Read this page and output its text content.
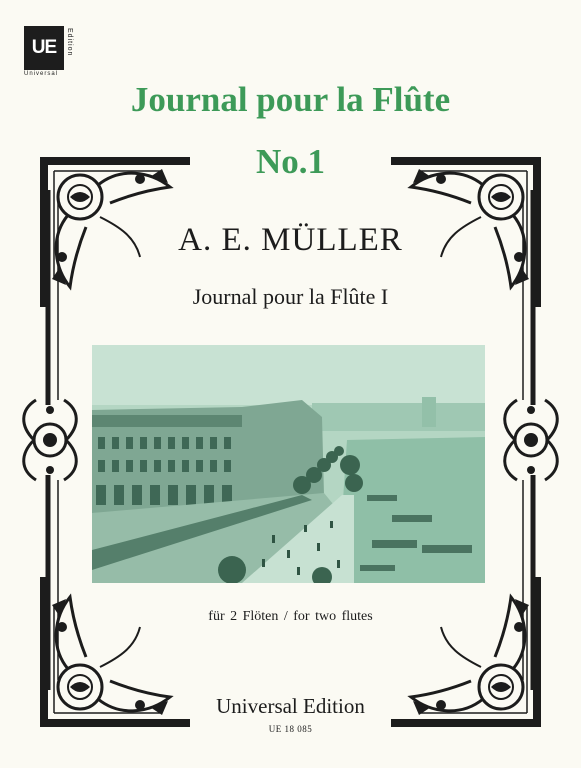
UE	Edition
Universal
Journal pour la Flûte
No.1
A. E. MÜLLER
Journal pour la Flûte I
für 2 Flöten / for two flutes
Universal Edition
UE 18 085
